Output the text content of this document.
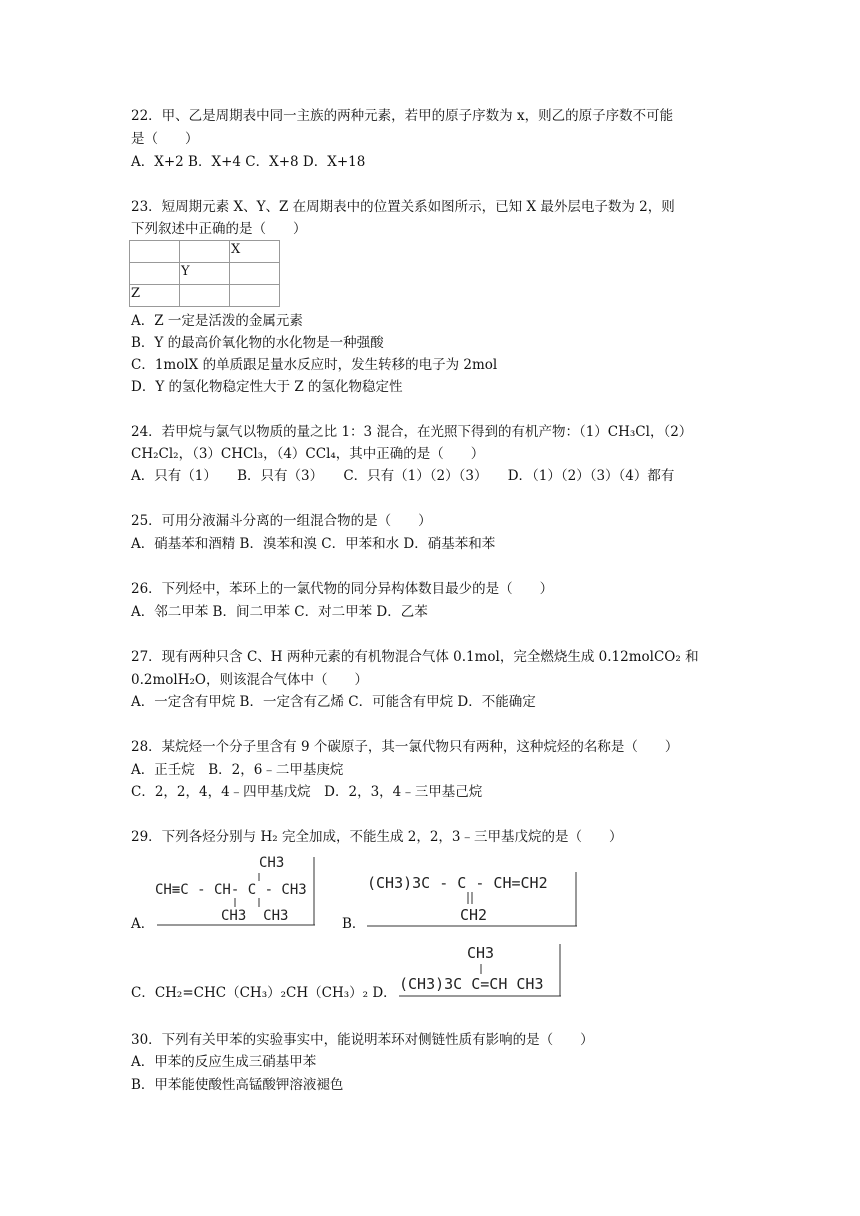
22．甲、乙是周期表中同一主族的两种元素，若甲的原子序数为 x，则乙的原子序数不可能
是（　　）
A．X+2 B．X+4 C．X+8 D．X+18
23．短周期元素 X、Y、Z 在周期表中的位置关系如图所示，已知 X 最外层电子数为 2，则
下列叙述中正确的是（　　）
		X
	Y	
Z		
A．Z 一定是活泼的金属元素
B．Y 的最高价氧化物的水化物是一种强酸
C．1molX 的单质跟足量水反应时，发生转移的电子为 2mol
D．Y 的氢化物稳定性大于 Z 的氢化物稳定性
24．若甲烷与氯气以物质的量之比 1：3 混合，在光照下得到的有机产物：（1）CH₃Cl，（2）
CH₂Cl₂，（3）CHCl₃，（4）CCl₄，其中正确的是（　　）
A．只有（1）　　B．只有（3）　　C．只有（1）（2）（3）　　D．（1）（2）（3）（4）都有
25．可用分液漏斗分离的一组混合物的是（　　）
A．硝基苯和酒精 B．溴苯和溴 C．甲苯和水 D．硝基苯和苯
26．下列烃中，苯环上的一氯代物的同分异构体数目最少的是（　　）
A．邻二甲苯 B．间二甲苯 C．对二甲苯 D．乙苯
27．现有两种只含 C、H 两种元素的有机物混合气体 0.1mol，完全燃烧生成 0.12molCO₂ 和
0.2molH₂O，则该混合气体中（　　）
A．一定含有甲烷 B．一定含有乙烯 C．可能含有甲烷 D．不能确定
28．某烷烃一个分子里含有 9 个碳原子，其一氯代物只有两种，这种烷烃的名称是（　　）
A．正壬烷　B．2，6﹣二甲基庚烷
C．2，2，4，4﹣四甲基戊烷　D．2，3，4﹣三甲基己烷
29．下列各烃分别与 H₂ 完全加成，不能生成 2，2，3﹣三甲基戊烷的是（　　）
A．
CH3
CH≡C - CH- C - CH3
CH3  CH3	B．
(CH3)3C - C - CH=CH2
CH2
C．CH₂=CHC（CH₃）₂CH（CH₃）₂ D．
CH3
(CH3)3C C=CH CH3
30．下列有关甲苯的实验事实中，能说明苯环对侧链性质有影响的是（　　）
A．甲苯的反应生成三硝基甲苯
B．甲苯能使酸性高锰酸钾溶液褪色
